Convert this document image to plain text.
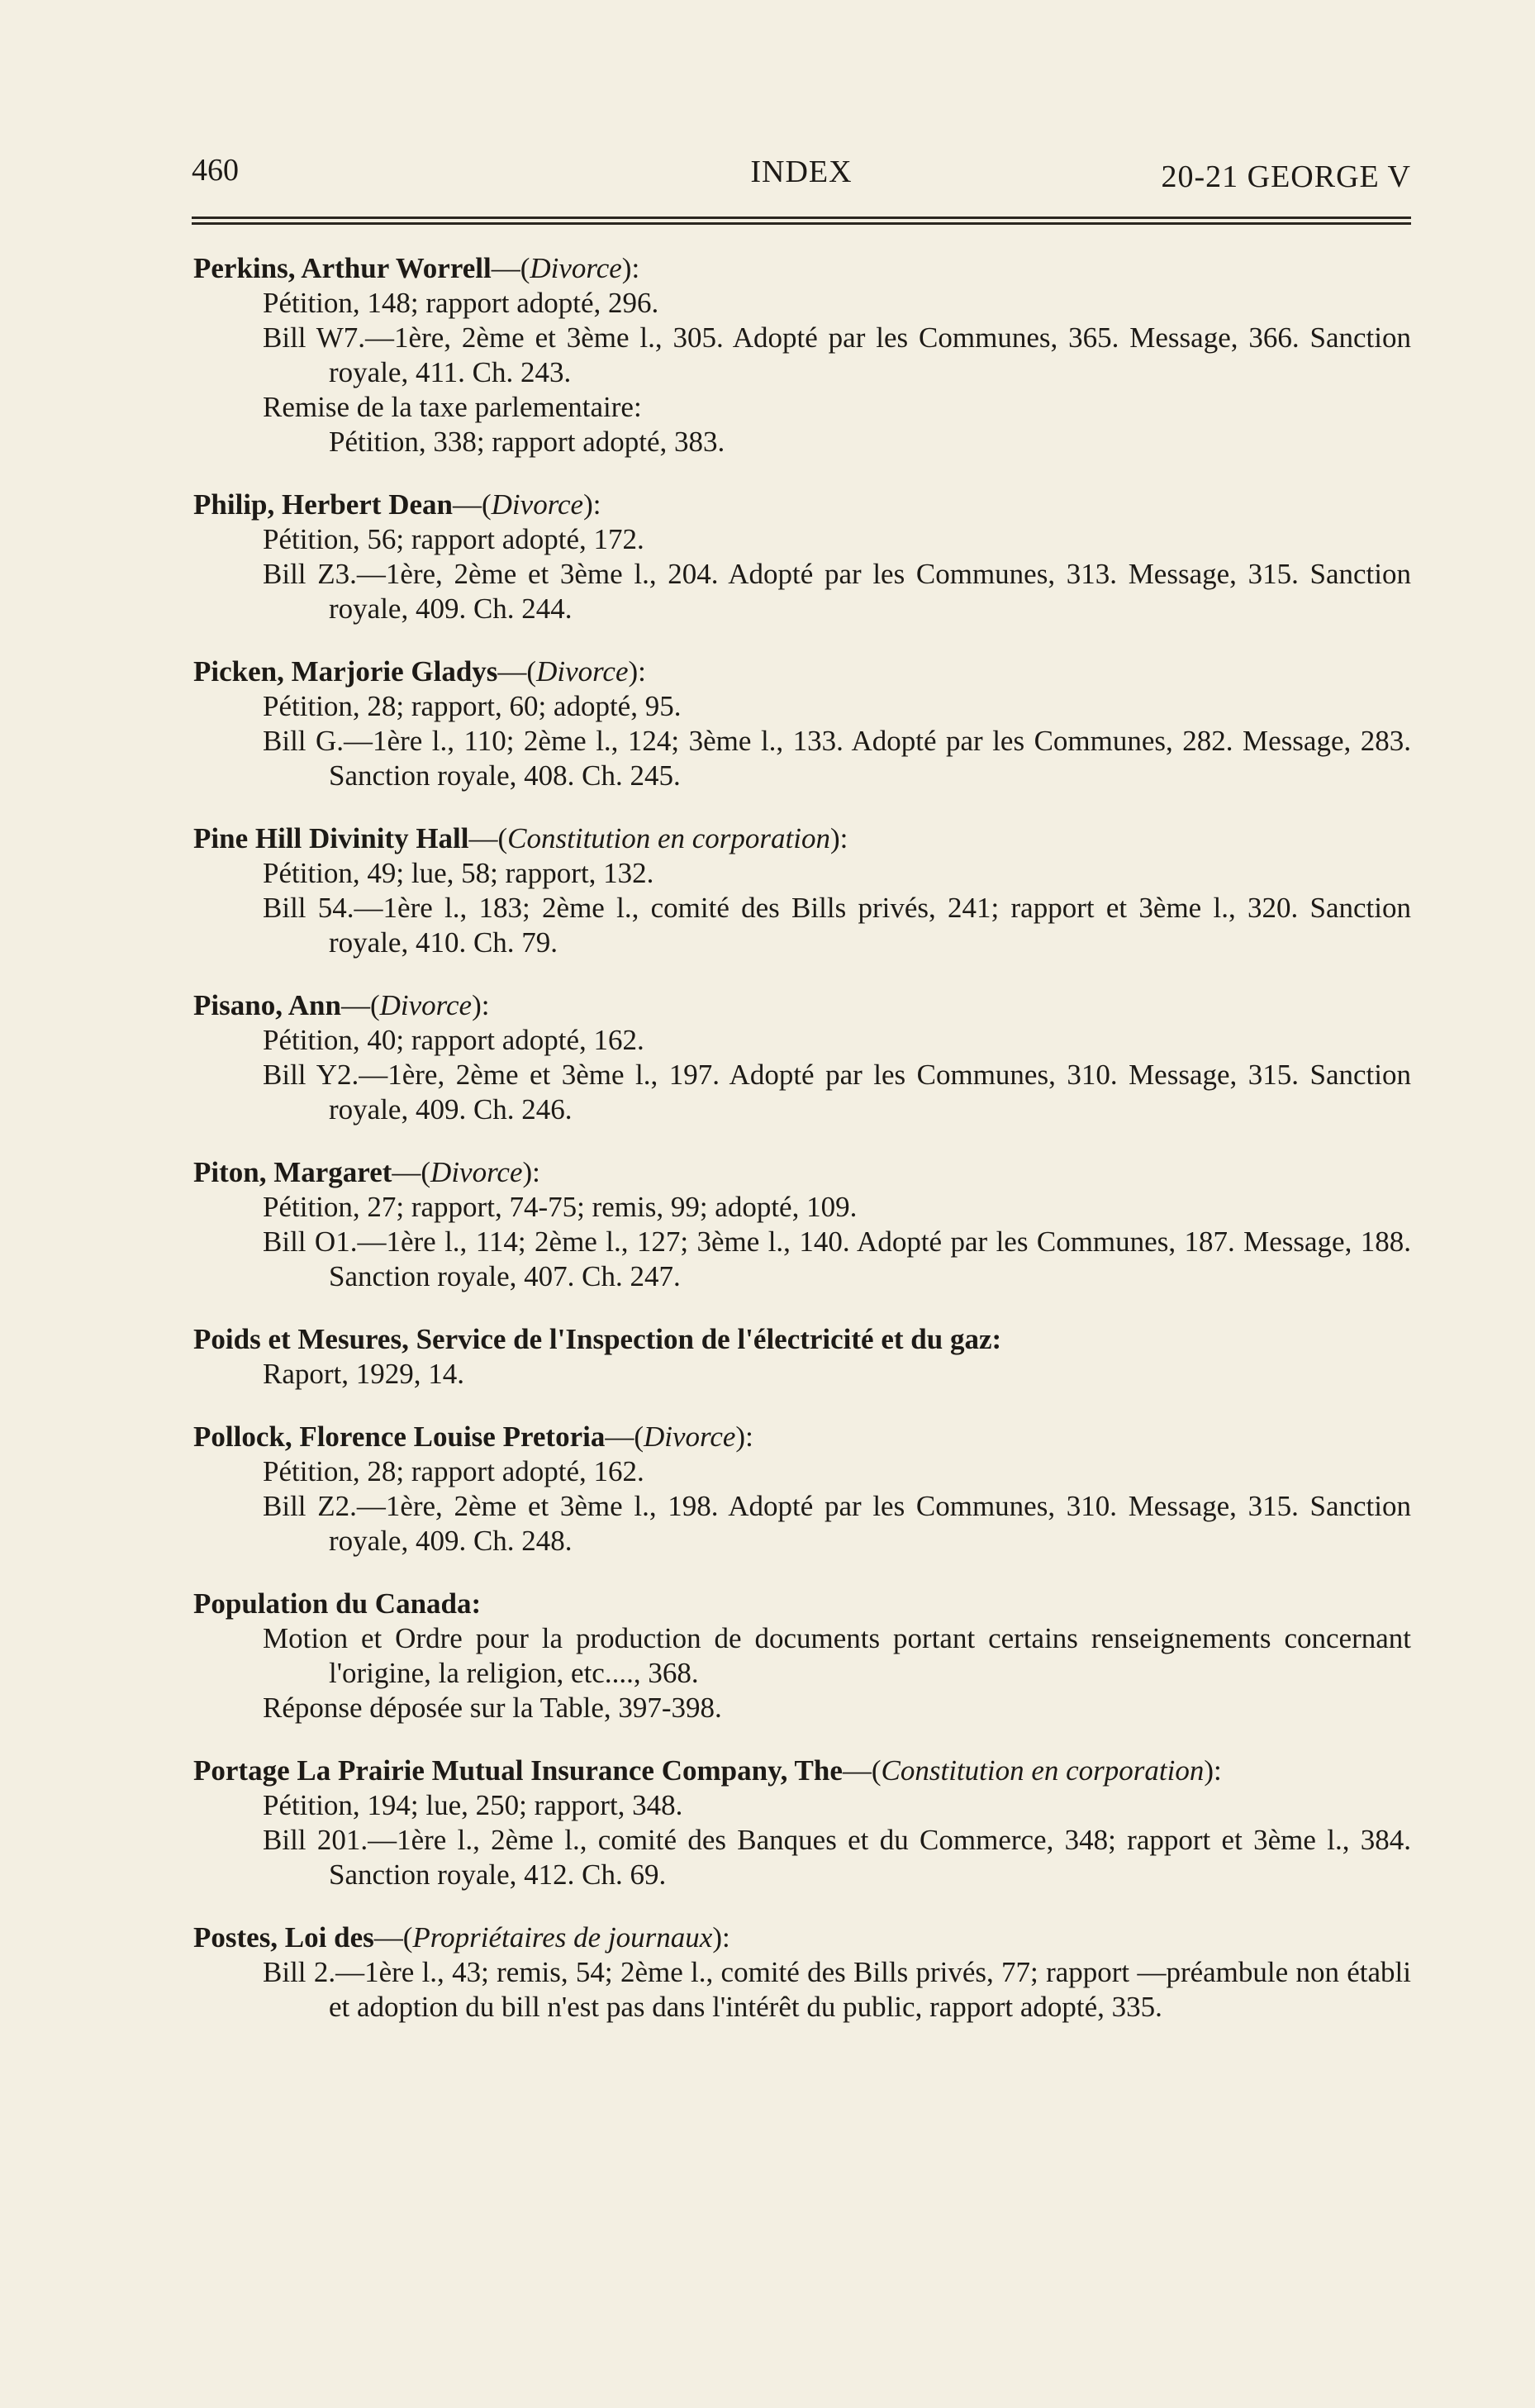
460	INDEX	20-21 GEORGE V
Perkins, Arthur Worrell—(Divorce):
Pétition, 148; rapport adopté, 296.
Bill W7.—1ère, 2ème et 3ème l., 305. Adopté par les Communes, 365. Message, 366. Sanction royale, 411. Ch. 243.
Remise de la taxe parlementaire:
Pétition, 338; rapport adopté, 383.
Philip, Herbert Dean—(Divorce):
Pétition, 56; rapport adopté, 172.
Bill Z3.—1ère, 2ème et 3ème l., 204. Adopté par les Communes, 313. Message, 315. Sanction royale, 409. Ch. 244.
Picken, Marjorie Gladys—(Divorce):
Pétition, 28; rapport, 60; adopté, 95.
Bill G.—1ère l., 110; 2ème l., 124; 3ème l., 133. Adopté par les Communes, 282. Message, 283. Sanction royale, 408. Ch. 245.
Pine Hill Divinity Hall—(Constitution en corporation):
Pétition, 49; lue, 58; rapport, 132.
Bill 54.—1ère l., 183; 2ème l., comité des Bills privés, 241; rapport et 3ème l., 320. Sanction royale, 410. Ch. 79.
Pisano, Ann—(Divorce):
Pétition, 40; rapport adopté, 162.
Bill Y2.—1ère, 2ème et 3ème l., 197. Adopté par les Communes, 310. Message, 315. Sanction royale, 409. Ch. 246.
Piton, Margaret—(Divorce):
Pétition, 27; rapport, 74-75; remis, 99; adopté, 109.
Bill O1.—1ère l., 114; 2ème l., 127; 3ème l., 140. Adopté par les Communes, 187. Message, 188. Sanction royale, 407. Ch. 247.
Poids et Mesures, Service de l'Inspection de l'électricité et du gaz:
Raport, 1929, 14.
Pollock, Florence Louise Pretoria—(Divorce):
Pétition, 28; rapport adopté, 162.
Bill Z2.—1ère, 2ème et 3ème l., 198. Adopté par les Communes, 310. Message, 315. Sanction royale, 409. Ch. 248.
Population du Canada:
Motion et Ordre pour la production de documents portant certains renseignements concernant l'origine, la religion, etc...., 368.
Réponse déposée sur la Table, 397-398.
Portage La Prairie Mutual Insurance Company, The—(Constitution en corporation):
Pétition, 194; lue, 250; rapport, 348.
Bill 201.—1ère l., 2ème l., comité des Banques et du Commerce, 348; rapport et 3ème l., 384. Sanction royale, 412. Ch. 69.
Postes, Loi des—(Propriétaires de journaux):
Bill 2.—1ère l., 43; remis, 54; 2ème l., comité des Bills privés, 77; rapport —préambule non établi et adoption du bill n'est pas dans l'intérêt du public, rapport adopté, 335.
